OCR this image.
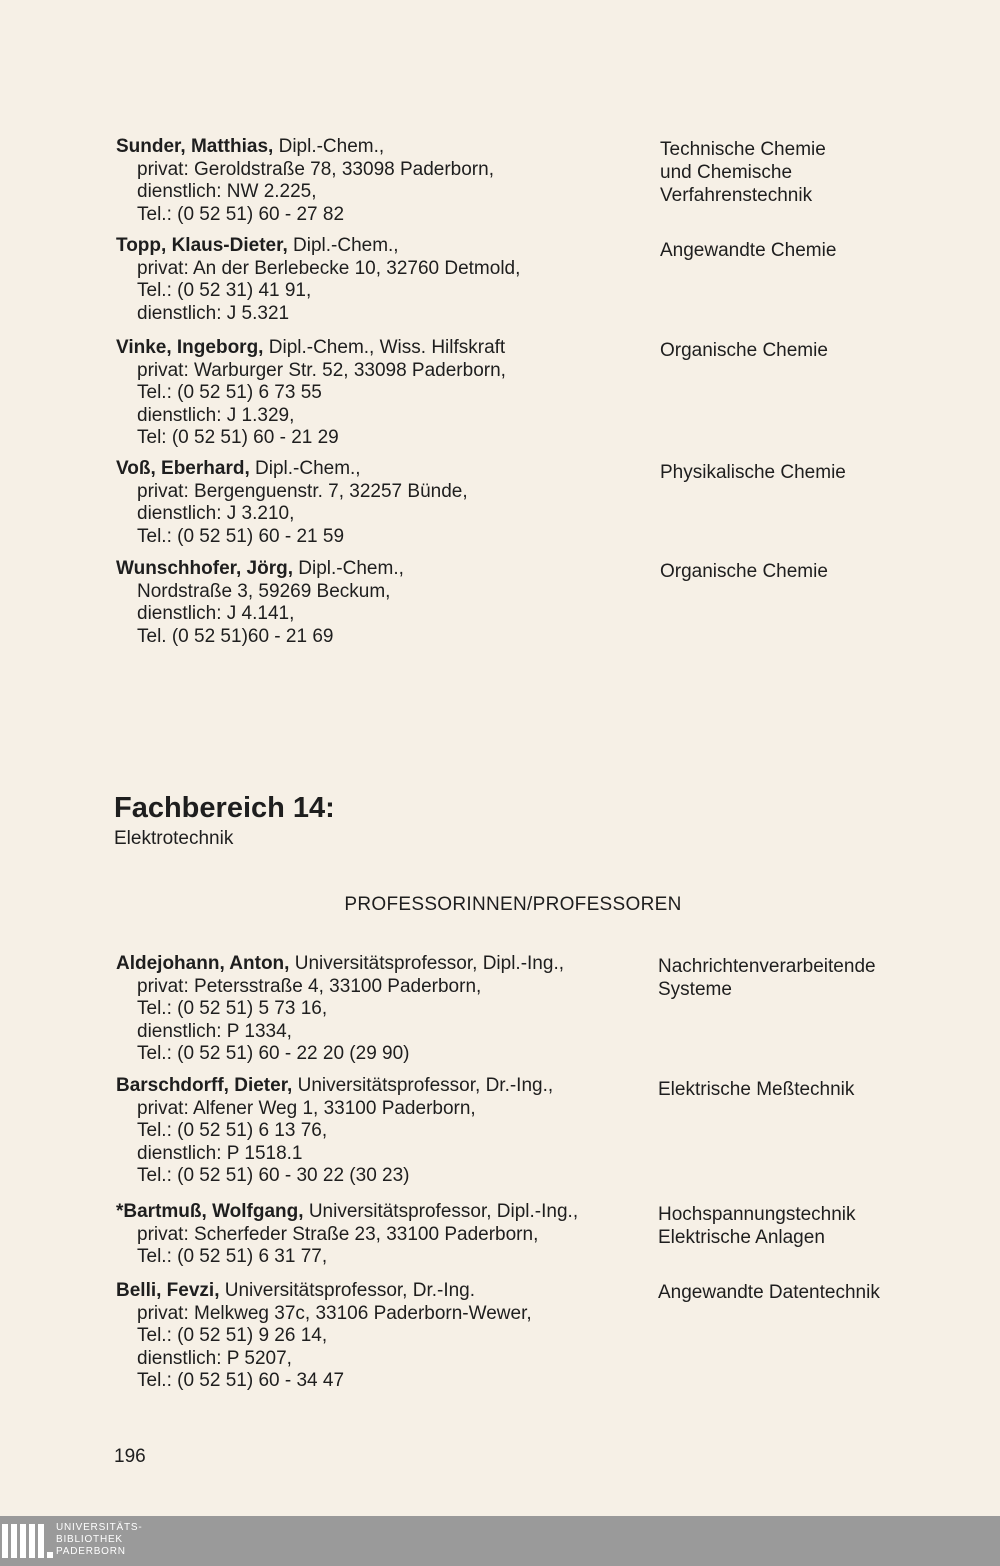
Sunder, Matthias, Dipl.-Chem.,
privat: Geroldstraße 78, 33098 Paderborn,
dienstlich: NW 2.225,
Tel.: (0 52 51) 60 - 27 82
Technische Chemie
und Chemische
Verfahrenstechnik
Topp, Klaus-Dieter, Dipl.-Chem.,
privat: An der Berlebecke 10, 32760 Detmold,
Tel.: (0 52 31) 41 91,
dienstlich: J 5.321
Angewandte Chemie
Vinke, Ingeborg, Dipl.-Chem., Wiss. Hilfskraft
privat: Warburger Str. 52, 33098 Paderborn,
Tel.: (0 52 51) 6 73 55
dienstlich: J 1.329,
Tel: (0 52 51) 60 - 21 29
Organische Chemie
Voß, Eberhard, Dipl.-Chem.,
privat: Bergenguenstr. 7, 32257 Bünde,
dienstlich: J 3.210,
Tel.: (0 52 51) 60 - 21 59
Physikalische Chemie
Wunschhofer, Jörg, Dipl.-Chem.,
Nordstraße 3, 59269 Beckum,
dienstlich: J 4.141,
Tel. (0 52 51)60 - 21 69
Organische Chemie
Fachbereich 14:
Elektrotechnik
PROFESSORINNEN/PROFESSOREN
Aldejohann, Anton, Universitätsprofessor, Dipl.-Ing.,
privat: Petersstraße 4, 33100 Paderborn,
Tel.: (0 52 51) 5 73 16,
dienstlich: P 1334,
Tel.: (0 52 51) 60 - 22 20 (29 90)
Nachrichtenverarbeitende
Systeme
Barschdorff, Dieter, Universitätsprofessor, Dr.-Ing.,
privat: Alfener Weg 1, 33100 Paderborn,
Tel.: (0 52 51) 6 13 76,
dienstlich: P 1518.1
Tel.: (0 52 51) 60 - 30 22 (30 23)
Elektrische Meßtechnik
*Bartmuß, Wolfgang, Universitätsprofessor, Dipl.-Ing.,
privat: Scherfeder Straße 23, 33100 Paderborn,
Tel.: (0 52 51) 6 31 77,
Hochspannungstechnik
Elektrische Anlagen
Belli, Fevzi, Universitätsprofessor, Dr.-Ing.
privat: Melkweg 37c, 33106 Paderborn-Wewer,
Tel.: (0 52 51) 9 26 14,
dienstlich: P 5207,
Tel.: (0 52 51) 60 - 34 47
Angewandte Datentechnik
196
UNIVERSITÄTS-
BIBLIOTHEK
PADERBORN
